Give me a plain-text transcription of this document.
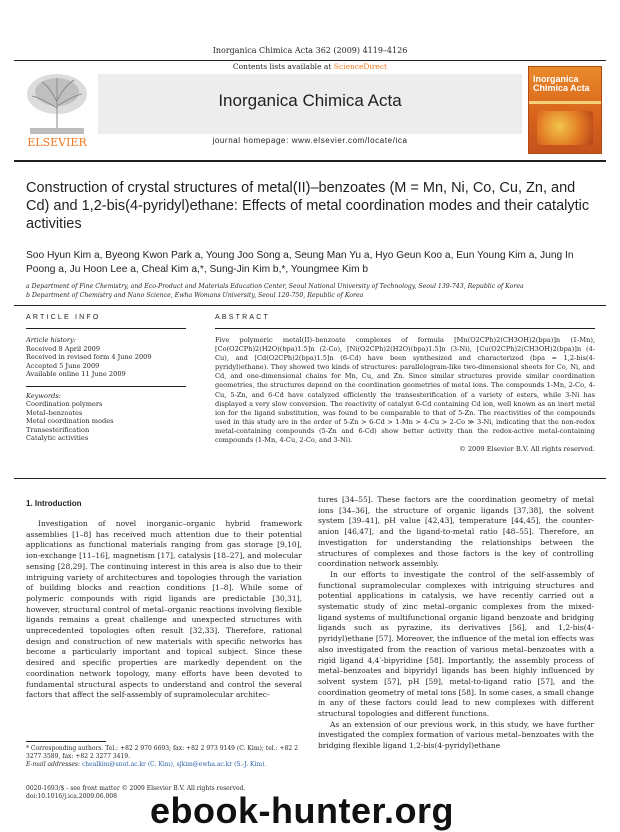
Inorganica Chimica Acta 362 (2009) 4119–4126
ELSEVIER
Contents lists available at ScienceDirect
Inorganica Chimica Acta
journal homepage: www.elsevier.com/locate/ica
Inorganica Chimica Acta
Construction of crystal structures of metal(II)–benzoates (M = Mn, Ni, Co, Cu, Zn, and Cd) and 1,2-bis(4-pyridyl)ethane: Effects of metal coordination modes and their catalytic activities
Soo Hyun Kim a, Byeong Kwon Park a, Young Joo Song a, Seung Man Yu a, Hyo Geun Koo a, Eun Young Kim a, Jung In Poong a, Ju Hoon Lee a, Cheal Kim a,*, Sung-Jin Kim b,*, Youngmee Kim b
a Department of Fine Chemistry, and Eco-Product and Materials Education Center, Seoul National University of Technology, Seoul 139-743, Republic of Korea
b Department of Chemistry and Nano Science, Ewha Womans University, Seoul 120-750, Republic of Korea
ARTICLE INFO	ABSTRACT
Article history:
Received 8 April 2009
Received in revised form 4 June 2009
Accepted 5 June 2009
Available online 11 June 2009
Keywords:
Coordination polymers
Metal–benzoates
Metal coordination modes
Transesterification
Catalytic activities
Five polymeric metal(II)–benzoate complexes of formula [Mn(O2CPh)2(CH3OH)2(bpa)]n (1-Mn), [Co(O2CPh)2(H2O)(bpa)1.5]n (2-Co), [Ni(O2CPh)2(H2O)(bpa)1.5]n (3-Ni), [Cu(O2CPh)2(CH3OH)2(bpa)]n (4-Cu), and [Cd(O2CPh)2(bpa)1.5]n (6-Cd) have been synthesized and characterized (bpa = 1,2-bis(4-pyridyl)ethane). They showed two kinds of structures: parallelogram-like two-dimensional sheets for Co, Ni, and Cd, and one-dimensional chains for Mn, Cu, and Zn. Since similar structures provide similar coordination geometries, the structures depend on the coordination geometries of metal ions. The compounds 1-Mn, 2-Co, 4-Cu, 5-Zn, and 6-Cd have catalyzed efficiently the transesterification of a variety of esters, while 3-Ni has displayed a very slow conversion. The reactivity of catalyst 6-Cd containing Cd ion, well known as an inert metal ion for the ligand substitution, was found to be comparable to that of 5-Zn. The reactivities of the compounds used in this study are in the order of 5-Zn > 6-Cd > 1-Mn > 4-Cu > 2-Co ≫ 3-Ni, indicating that the non-redox metal-containing compounds (5-Zn and 6-Cd) show better activity than the redox-active metal-containing compounds (1-Mn, 4-Cu, 2-Co, and 3-Ni).
© 2009 Elsevier B.V. All rights reserved.
1. Introduction

Investigation of novel inorganic–organic hybrid framework assemblies [1–8] has received much attention due to their potential applications as functional materials ranging from gas storage [9,10], ion-exchange [11–16], magnetism [17], catalysis [18–27], and molecular sensing [28,29]. The continuing interest in this area is also due to their intriguing variety of architectures and topologies through the variation of building blocks and reaction conditions [1–8]. While some of polymeric compounds with rigid ligands are predictable [30,31], however, structural control of metal–organic reactions involving flexible ligands remains a great challenge and unexpected structures with unprecedented topologies often result [32,33]. Therefore, rational design and construction of new materials with specific networks has become a particularly important and topical subject. Since these desired and specific properties are markedly dependent on the coordination network topology, many efforts have been devoted to fundamental structural aspects to understand and control the several factors that affect the self-assembly of supramolecular architec-

tures [34–55]. These factors are the coordination geometry of metal ions [34–36], the structure of organic ligands [37,38], the solvent system [39–41], pH value [42,43], temperature [44,45], the counter-anion [46,47], and the ligand-to-metal ratio [48–55]. Therefore, an investigation for understanding the relationships between the structures of complexes and those factors is the key of controlling coordination network assembly.

In our efforts to investigate the control of the self-assembly of functional supramolecular complexes with intriguing structures and potential applications in catalysis, we have recently carried out a systematic study of zinc metal–organic complexes from the mixed-ligand systems of multifunctional organic ligand benzoate and bridging ligands such as pyrazine, its derivatives [56], and 1,2-bis(4-pyridyl)ethane [57]. Moreover, the influence of the metal ion effects was also investigated from the reaction of various metal–benzoates with a rigid ligand 4,4′-bipyridine [58]. Importantly, the assembly process of metal–benzoates and bipyridyl ligands has been highly influenced by solvent system [57], pH [59], metal-to-ligand ratio [57], and the coordination geometry of metal ions [58]. In some cases, a small change in any of these factors could lead to new complexes with different structural topologies and different functions.

As an extension of our previous work, in this study, we have further investigated the complex formation of various metal–benzoates with the bridging flexible ligand 1,2-bis(4-pyridyl)ethane

* Corresponding authors. Tel.: +82 2 970 6693; fax: +82 2 973 9149 (C. Kim); tel.: +82 2 3277 3589, fax: +82 2 3277 3419.
E-mail addresses: chealkim@snut.ac.kr (C. Kim), sjkim@ewha.ac.kr (S.-J. Kim).
0020-1693/$ - see front matter © 2009 Elsevier B.V. All rights reserved.
doi:10.1016/j.ica.2009.06.008 ebook-hunter.org
